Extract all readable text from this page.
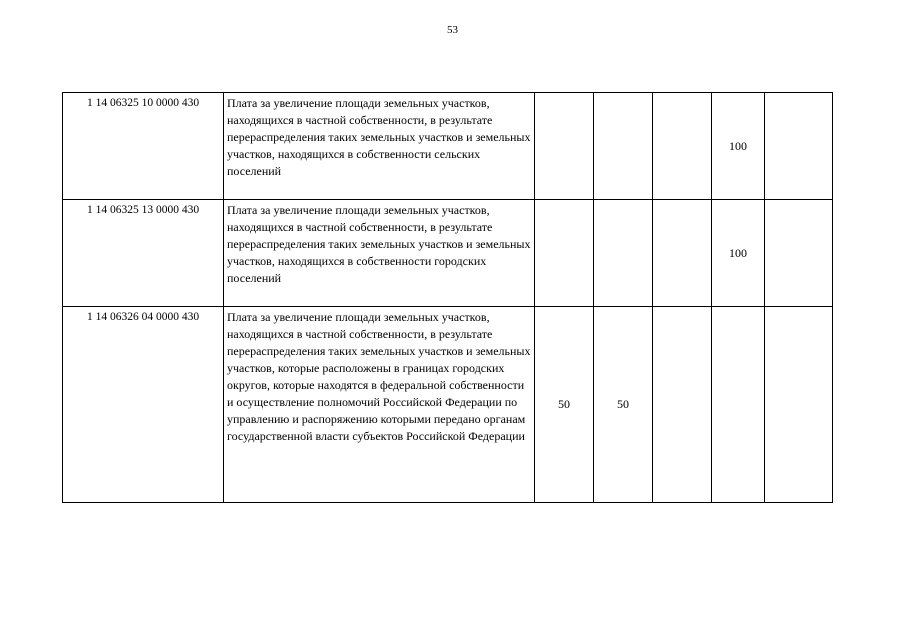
53
1 14 06325 10 0000 430	Плата за увеличение площади земельных участков, находящихся в частной собственности, в результате перераспределения таких земельных участков и земельных участков, находящихся в собственности сельских поселений				100	
1 14 06325 13 0000 430	Плата за увеличение площади земельных участков, находящихся в частной собственности, в результате перераспределения таких земельных участков и земельных участков, находящихся в собственности городских поселений				100	
1 14 06326 04 0000 430	Плата за увеличение площади земельных участков, находящихся в частной собственности, в результате перераспределения таких земельных участков и земельных участков, которые расположены в границах городских округов, которые находятся в федеральной собственности и осуществление полномочий Российской Федерации по управлению и распоряжению которыми передано органам государственной власти субъектов Российской Федерации	50	50			
